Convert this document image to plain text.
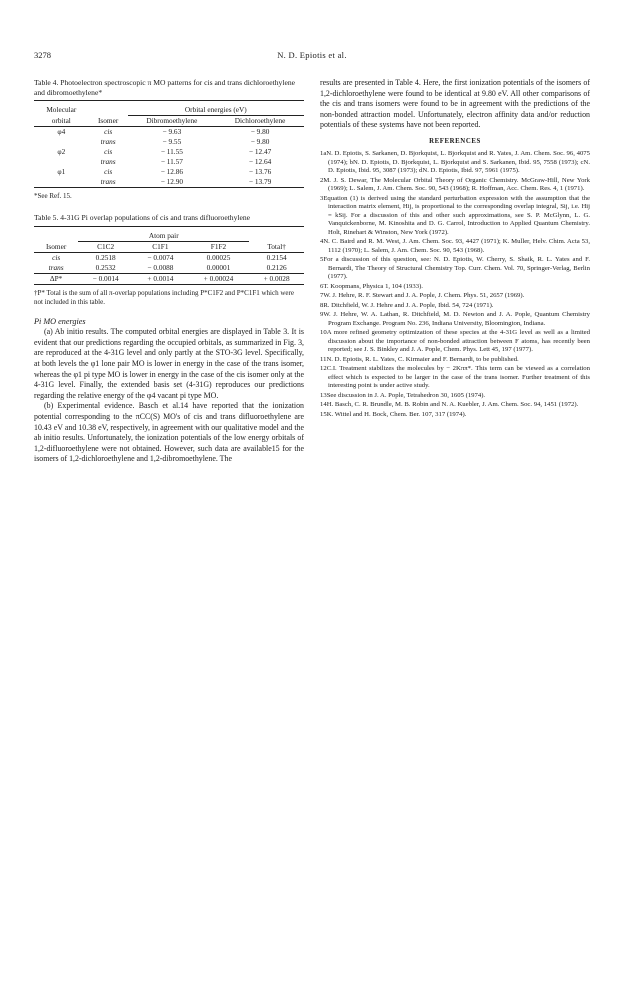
3278	N. D. Epiotis et al.

Table 4. Photoelectron spectroscopic π MO patterns for cis and trans dichloroethylene and dibromoethylene*

Molecular		Orbital energies (eV)	
orbital	Isomer	Dibromoethylene	Dichloroethylene
φ4	cis	− 9.63	− 9.80
	trans	− 9.55	− 9.80
φ2	cis	− 11.55	− 12.47
	trans	− 11.57	− 12.64
φ1	cis	− 12.86	− 13.76
	trans	− 12.90	− 13.79

*See Ref. 15.

Table 5. 4-31G Pi overlap populations of cis and trans difluoroethylene

	Atom pair			
Isomer	C1C2	C1F1	F1F2	Total†
cis	0.2518	− 0.0074	0.00025	0.2154
trans	0.2532	− 0.0088	0.00001	0.2126
ΔP*	− 0.0014	+ 0.0014	+ 0.00024	+ 0.0028

†P* Total is the sum of all π-overlap populations including P*C1F2 and P*C1F1 which were not included in this table.

Pi MO energies

(a) Ab initio results. The computed orbital energies are displayed in Table 3. It is evident that our predictions regarding the occupied orbitals, as summarized in Fig. 3, are reproduced at the 4-31G level and only partly at the STO-3G level. Specifically, at both levels the φ1 lone pair MO is lower in energy in the case of the trans isomer, whereas the φ1 pi type MO is lower in energy in the case of the cis isomer only at the 4-31G level. Finally, the extended basis set (4-31G) reproduces our predictions regarding the relative energy of the φ4 vacant pi type MO.

(b) Experimental evidence. Basch et al.14 have reported that the ionization potential corresponding to the πCC(S) MO's of cis and trans difluoroethylene are 10.43 eV and 10.38 eV, respectively, in agreement with our qualitative model and the ab initio results. Unfortunately, the ionization potentials of the low energy orbitals of 1,2-difluoroethylene were not obtained. However, such data are available15 for the isomers of 1,2-dichloroethylene and 1,2-dibromoethylene. The

results are presented in Table 4. Here, the first ionization potentials of the isomers of 1,2-dichloroethylene were found to be identical at 9.80 eV. All other comparisons of the cis and trans isomers were found to be in agreement with the predictions of the non-bonded attraction model. Unfortunately, electron affinity data and/or reduction potentials of these systems have not been reported.

REFERENCES

1aN. D. Epiotis, S. Sarkanen, D. Bjorkquist, L. Bjorkquist and R. Yates, J. Am. Chem. Soc. 96, 4075 (1974); bN. D. Epiotis, D. Bjorkquist, L. Bjorkquist and S. Sarkanen, Ibid. 95, 7558 (1973); cN. D. Epiotis, Ibid. 95, 3087 (1973); dN. D. Epiotis, Ibid. 97, 5961 (1975).

2M. J. S. Dewar, The Molecular Orbital Theory of Organic Chemistry. McGraw-Hill, New York (1969); L. Salem, J. Am. Chem. Soc. 90, 543 (1968); R. Hoffman, Acc. Chem. Res. 4, 1 (1971).

3Equation (1) is derived using the standard perturbation expression with the assumption that the interaction matrix element, Hij, is proportional to the corresponding overlap integral, Sij, i.e. Hij = kSij. For a discussion of this and other such approximations, see S. P. McGlynn, L. G. Vanquickenborne, M. Kinoshita and D. G. Carrol, Introduction to Applied Quantum Chemistry. Holt, Rinehart & Winston, New York (1972).

4N. C. Baird and R. M. West, J. Am. Chem. Soc. 93, 4427 (1971); K. Muller, Helv. Chim. Acta 53, 1112 (1970); L. Salem, J. Am. Chem. Soc. 90, 543 (1968).

5For a discussion of this question, see: N. D. Epiotis, W. Cherry, S. Shaik, R. L. Yates and F. Bernardi, The Theory of Structural Chemistry Top. Curr. Chem. Vol. 70, Springer-Verlag, Berlin (1977).

6T. Koopmans, Physica 1, 104 (1933).

7W. J. Hehre, R. F. Stewart and J. A. Pople, J. Chem. Phys. 51, 2657 (1969).

8R. Ditchfield, W. J. Hehre and J. A. Pople, Ibid. 54, 724 (1971).

9W. J. Hehre, W. A. Lathan, R. Ditchfield, M. D. Newton and J. A. Pople, Quantum Chemistry Program Exchange. Program No. 236, Indiana University, Bloomington, Indiana.

10A more refined geometry optimization of these species at the 4-31G level as well as a limited discussion about the importance of non-bonded attraction between F atoms, has recently been reported; see J. S. Binkley and J. A. Pople, Chem. Phys. Lett 45, 197 (1977).

11N. D. Epiotis, R. L. Yates, C. Kirmaier and F. Bernardi, to be published.

12C.I. Treatment stabilizes the molecules by − 2Kππ*. This term can be viewed as a correlation effect which is expected to be larger in the case of the trans isomer. Further treatment of this interesting point is under active study.

13See discussion in J. A. Pople, Tetrahedron 30, 1605 (1974).

14H. Basch, C. R. Brundle, M. B. Robin and N. A. Kuebler, J. Am. Chem. Soc. 94, 1451 (1972).

15K. Wittel and H. Bock, Chem. Ber. 107, 317 (1974).
